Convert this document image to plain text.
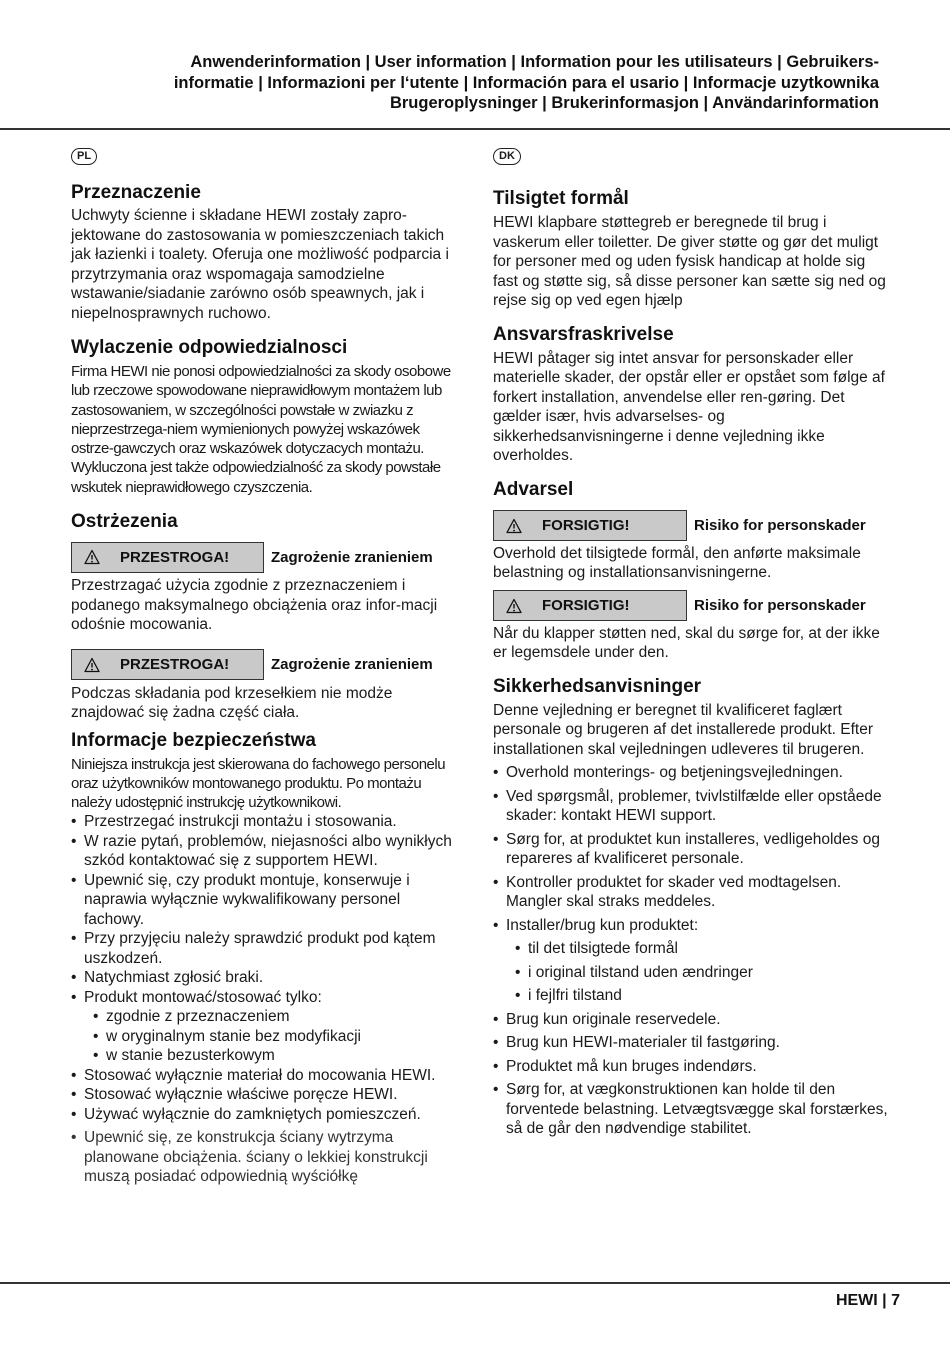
Anwenderinformation | User information | Information pour les utilisateurs | Gebruikers-
informatie | Informazioni per l‘utente | Información para el usario | Informacje uzytkownika
Brugeroplysninger | Brukerinformasjon | Användarinformation
PL
Przeznaczenie

Uchwyty ścienne i składane HEWI zostały zapro-jektowane do zastosowania w pomieszczeniach takich jak łazienki i toalety. Oferuja one możliwość podparcia i przytrzymania oraz wspomagaja samodzielne wstawanie/siadanie zarówno osób speawnych, jak i niepelnosprawnych ruchowo.

Wylaczenie odpowiedzialnosci

Firma HEWI nie ponosi odpowiedzialności za skody osobowe lub rzeczowe spowodowane nieprawidłowym montażem lub zastosowaniem, w szczególności powstałe w zwiazku z nieprzestrzega-niem wymienionych powyżej wskazówek ostrze-gawczych oraz wskazówek dotyczacych montażu. Wykluczona jest także odpowiedzialność za skody powstałe wskutek nieprawidłowego czyszczenia.

Ostrżezenia
PRZESTROGA!	Zagrożenie zranieniem

Przestrzagać użycia zgodnie z przeznaczeniem i podanego maksymalnego obciążenia oraz infor-macji odośnie mocowania.

PRZESTROGA!	Zagrożenie zranieniem

Podczas składania pod krzesełkiem nie modże znajdować się żadna część ciała.

Informacje bezpieczeństwa

Niniejsza instrukcja jest skierowana do fachowego personelu oraz użytkowników montowanego produktu. Po montażu należy udostępnić instrukcję użytkownikowi.

• Przestrzegać instrukcji montażu i stosowania.
• W razie pytań, problemów, niejasności albo wynikłych szkód kontaktować się z supportem HEWI.
• Upewnić się, czy produkt montuje, konserwuje i naprawia wyłącznie wykwalifikowany personel fachowy.
• Przy przyjęciu należy sprawdzić produkt pod kątem uszkodzeń.
• Natychmiast zgłosić braki.
• Produkt montować/stosować tylko:
• zgodnie z przeznaczeniem
• w oryginalnym stanie bez modyfikacji
• w stanie bezusterkowym
• Stosować wyłącznie materiał do mocowania HEWI.
• Stosować wyłącznie właściwe poręcze HEWI.
• Używać wyłącznie do zamkniętych pomieszczeń.
• Upewnić się, ze konstrukcja ściany wytrzyma planowane obciążenia. ściany o lekkiej konstrukcji muszą posiadać odpowiednią wyściółkę
DK
Tilsigtet formål

HEWI klapbare støttegreb er beregnede til brug i vaskerum eller toiletter. De giver støtte og gør det muligt for personer med og uden fysisk handicap at holde sig fast og støtte sig, så disse personer kan sætte sig ned og rejse sig op ved egen hjælp

Ansvarsfraskrivelse

HEWI påtager sig intet ansvar for personskader eller materielle skader, der opstår eller er opstået som følge af forkert installation, anvendelse eller ren-gøring. Det gælder især, hvis advarselses- og sikkerhedsanvisningerne i denne vejledning ikke overholdes.

Advarsel
FORSIGTIG!	Risiko for personskader

Overhold det tilsigtede formål, den anførte maksimale belastning og installationsanvisningerne.

FORSIGTIG!	Risiko for personskader

Når du klapper støtten ned, skal du sørge for, at der ikke er legemsdele under den.

Sikkerhedsanvisninger

Denne vejledning er beregnet til kvalificeret faglært personale og brugeren af det installerede produkt. Efter installationen skal vejledningen udleveres til brugeren.

• Overhold monterings- og betjeningsvejledningen.
• Ved spørgsmål, problemer, tvivlstilfælde eller opståede skader: kontakt HEWI support.
• Sørg for, at produktet kun installeres, vedligeholdes og repareres af kvalificeret personale.
• Kontroller produktet for skader ved modtagelsen. Mangler skal straks meddeles.
• Installer/brug kun produktet:
• til det tilsigtede formål
• i original tilstand uden ændringer
• i fejlfri tilstand
• Brug kun originale reservedele.
• Brug kun HEWI-materialer til fastgøring.
• Produktet må kun bruges indendørs.
• Sørg for, at vægkonstruktionen kan holde til den forventede belastning. Letvægtsvægge skal forstærkes, så de går den nødvendige stabilitet.
HEWI | 7
